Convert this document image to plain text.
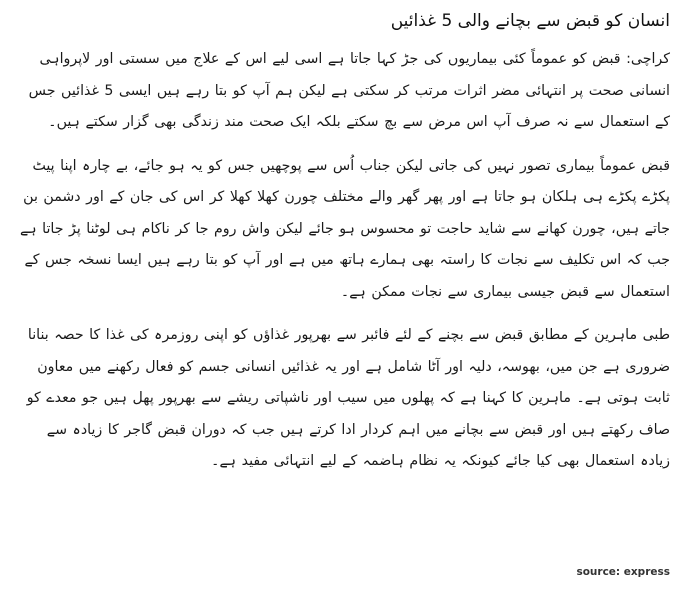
انسان کو قبض سے بچانے والی 5 غذائیں

کراچی: قبض کو عموماً کئی بیماریوں کی جڑ کہا جاتا ہے اسی لیے اس کے علاج میں سستی اور لاپرواہی انسانی صحت پر انتہائی مضر اثرات مرتب کر سکتی ہے لیکن ہم آپ کو بتا رہے ہیں ایسی 5 غذائیں جس کے استعمال سے نہ صرف آپ اس مرض سے بچ سکتے بلکہ ایک صحت مند زندگی بھی گزار سکتے ہیں۔

قبض عموماً بیماری تصور نہیں کی جاتی لیکن جناب اُس سے پوچھیں جس کو یہ ہو جائے، بے چارہ اپنا پیٹ پکڑے پکڑے ہی ہلکان ہو جاتا ہے اور پھر گھر والے مختلف چورن کھلا کھلا کر اس کی جان کے اور دشمن بن جاتے ہیں، چورن کھانے سے شاید حاجت تو محسوس ہو جائے لیکن واش روم جا کر ناکام ہی لوٹنا پڑ جاتا ہے جب کہ اس تکلیف سے نجات کا راستہ بھی ہمارے ہاتھ میں ہے اور آپ کو بتا رہے ہیں ایسا نسخہ جس کے استعمال سے قبض جیسی بیماری سے نجات ممکن ہے۔

طبی ماہرین کے مطابق قبض سے بچنے کے لئے فائبر سے بھرپور غذاؤں کو اپنی روزمرہ کی غذا کا حصہ بنانا ضروری ہے جن میں، بھوسہ، دلیہ اور آٹا شامل ہے اور یہ غذائیں انسانی جسم کو فعال رکھنے میں معاون ثابت ہوتی ہے۔ ماہرین کا کہنا ہے کہ پھلوں میں سیب اور ناشپاتی ریشے سے بھرپور پھل ہیں جو معدے کو صاف رکھتے ہیں اور قبض سے بچانے میں اہم کردار ادا کرتے ہیں جب کہ دوران قبض گاجر کا زیادہ سے زیادہ استعمال بھی کیا جائے کیونکہ یہ نظام ہاضمہ کے لیے انتہائی مفید ہے۔

source: express
